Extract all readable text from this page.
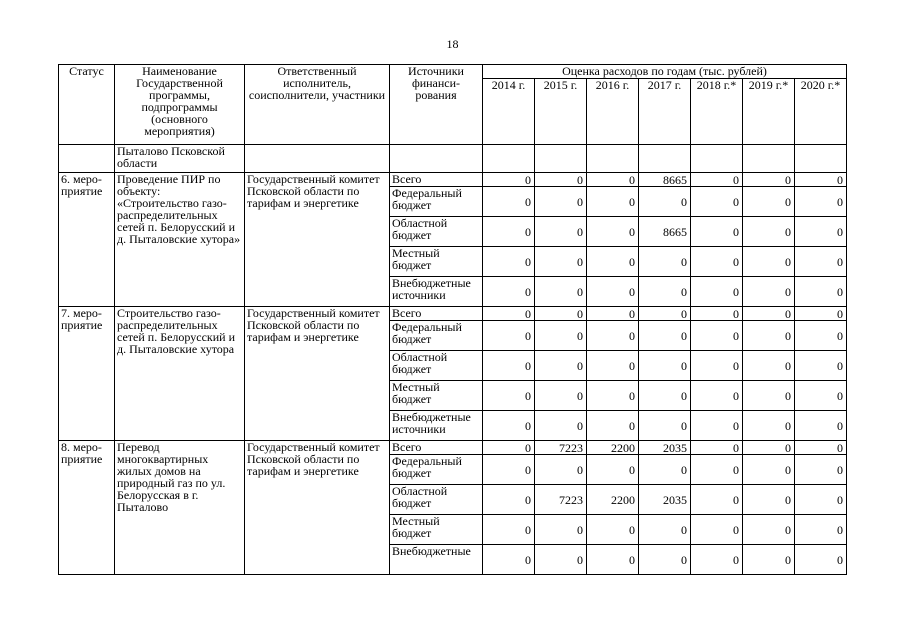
18
Статус	Наименование Государственной программы, подпрограммы (основного мероприятия)	Ответственный исполнитель, соисполнители, участники	Источники финанси-рования	Оценка расходов по годам (тыс. рублей)						
				2014 г.	2015 г.	2016 г.	2017 г.	2018 г.*	2019 г.*	2020 г.*
	Пыталово Псковской области									
6. меро-приятие	Проведение ПИР по объекту: «Строительство газо-распределительных сетей п. Белорусский и д. Пыталовские хутора»	Государственный комитет Псковской области по тарифам и энергетике	Всего	0	0	0	8665	0	0	0
			Федеральный бюджет	0	0	0	0	0	0	0
			Областной бюджет	0	0	0	8665	0	0	0
			Местный бюджет	0	0	0	0	0	0	0
			Внебюджетные источники	0	0	0	0	0	0	0
7. меро-приятие	Строительство газо-распределительных сетей п. Белорусский и д. Пыталовские хутора	Государственный комитет Псковской области по тарифам и энергетике	Всего	0	0	0	0	0	0	0
			Федеральный бюджет	0	0	0	0	0	0	0
			Областной бюджет	0	0	0	0	0	0	0
			Местный бюджет	0	0	0	0	0	0	0
			Внебюджетные источники	0	0	0	0	0	0	0
8. меро-приятие	Перевод многоквартирных жилых домов на природный газ по ул. Белорусская в г. Пыталово	Государственный комитет Псковской области по тарифам и энергетике	Всего	0	7223	2200	2035	0	0	0
			Федеральный бюджет	0	0	0	0	0	0	0
			Областной бюджет	0	7223	2200	2035	0	0	0
			Местный бюджет	0	0	0	0	0	0	0
			Внебюджетные	0	0	0	0	0	0	0
